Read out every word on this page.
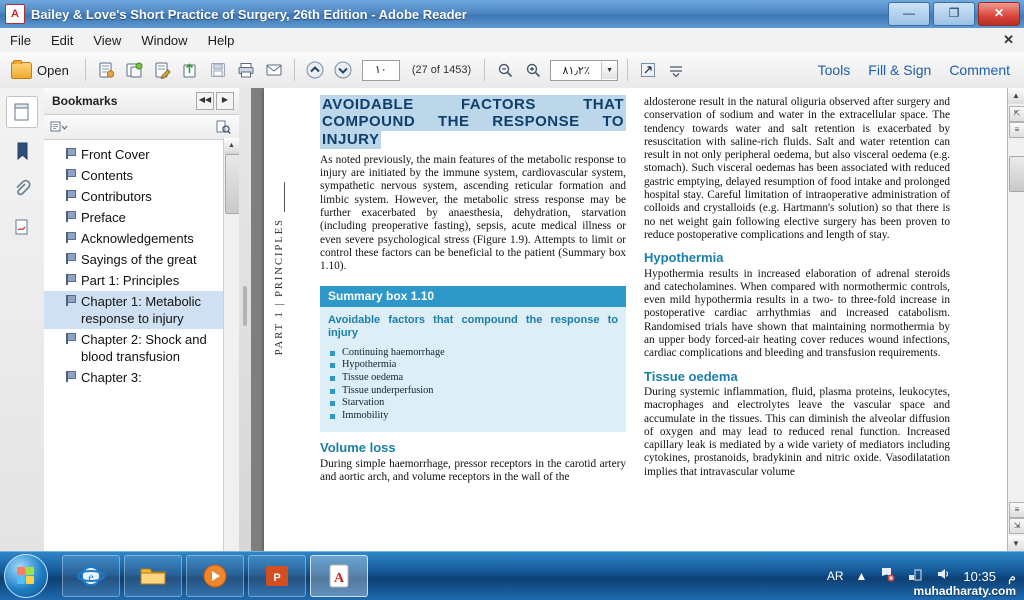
A Bailey & Love's Short Practice of Surgery, 26th Edition - Adobe Reader	—	❐	✕
File	Edit	View	Window	Help	✕
Open	١٠	(27 of 1453)	٨١٫٢٪	▼	Tools Fill & Sign Comment
Bookmarks	◀◀	▶
Front Cover
Contents
Contributors
Preface
Acknowledgements
Sayings of the great
Part 1: Principles
Chapter 1: Metabolic response to injury
Chapter 2: Shock and blood transfusion
Chapter 3:
▲
PART 1 | PRINCIPLES
AVOIDABLE FACTORS THAT COMPOUND THE RESPONSE TO INJURY

As noted previously, the main features of the metabolic response to injury are initiated by the immune system, cardiovascular system, sympathetic nervous system, ascending reticular formation and limbic system. However, the metabolic stress response may be further exacerbated by anaesthesia, dehydration, starvation (including preoperative fasting), sepsis, acute medical illness or even severe psychological stress (Figure 1.9). Attempts to limit or control these factors can be beneficial to the patient (Summary box 1.10).

Summary box 1.10
Avoidable factors that compound the response to injury
Continuing haemorrhage
Hypothermia
Tissue oedema
Tissue underperfusion
Starvation
Immobility
Volume loss

During simple haemorrhage, pressor receptors in the carotid artery and aortic arch, and volume receptors in the wall of the

aldosterone result in the natural oliguria observed after surgery and conservation of sodium and water in the extracellular space. The tendency towards water and salt retention is exacerbated by resuscitation with saline-rich fluids. Salt and water retention can result in not only peripheral oedema, but also visceral oedema (e.g. stomach). Such visceral oedemas has been associated with reduced gastric emptying, delayed resumption of food intake and prolonged hospital stay. Careful limitation of intraoperative administration of colloids and crystalloids (e.g. Hartmann's solution) so that there is no net weight gain following elective surgery has been proven to reduce postoperative complications and length of stay.

Hypothermia

Hypothermia results in increased elaboration of adrenal steroids and catecholamines. When compared with normothermic controls, even mild hypothermia results in a two- to three-fold increase in postoperative cardiac arrhythmias and increased catabolism. Randomised trials have shown that maintaining normothermia by an upper body forced-air heating cover reduces wound infections, cardiac complications and bleeding and transfusion requirements.

Tissue oedema

During systemic inflammation, fluid, plasma proteins, leukocytes, macrophages and electrolytes leave the vascular space and accumulate in the tissues. This can diminish the alveolar diffusion of oxygen and may lead to reduced renal function. Increased capillary leak is mediated by a wide variety of mediators including cytokines, prostanoids, bradykinin and nitric oxide. Vasodilatation implies that intravascular volume

▲
⇱
≡
≡
⇲
▼
e	P	A	AR ▲	10:35 م
muhadharaty.com
